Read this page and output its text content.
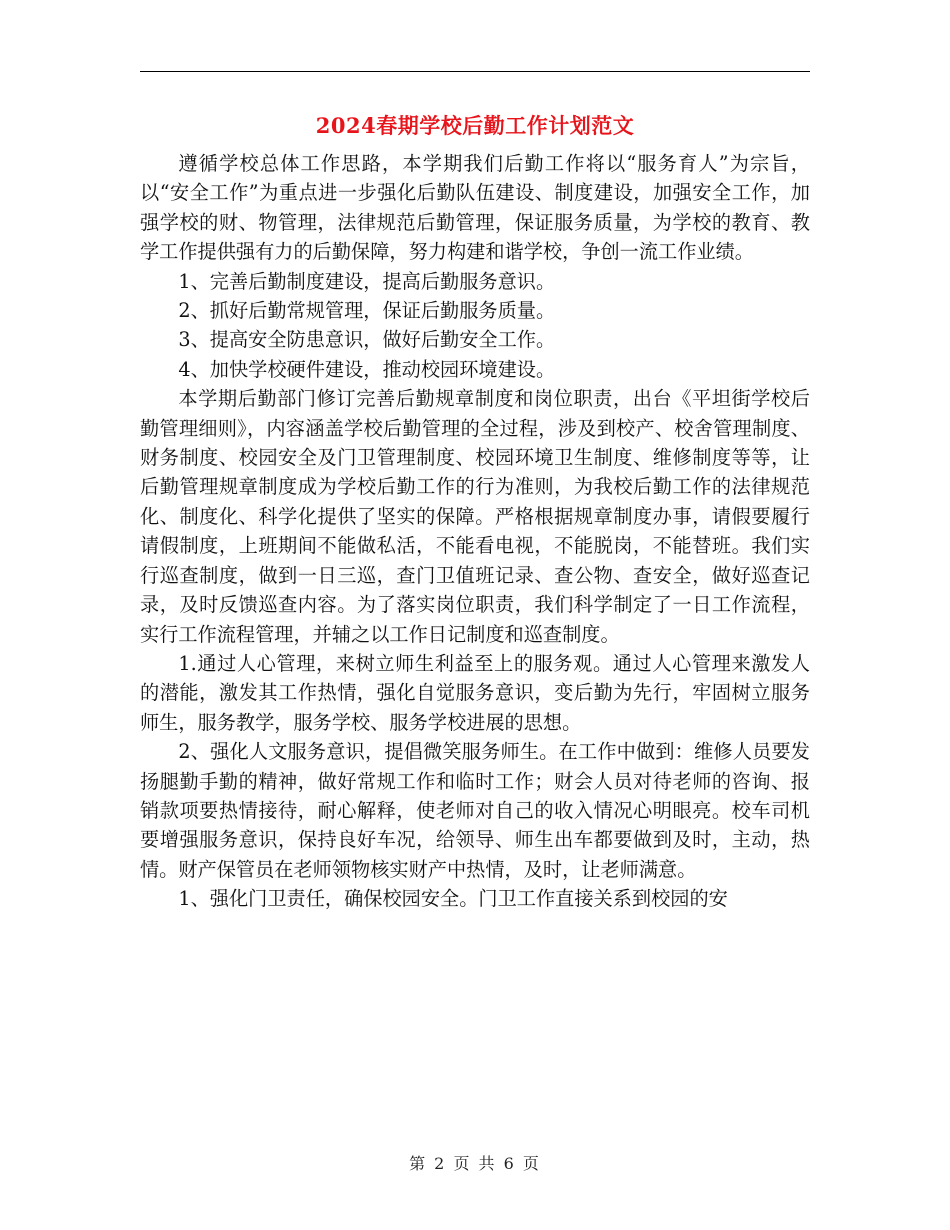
2024春期学校后勤工作计划范文

遵循学校总体工作思路，本学期我们后勤工作将以“服务育人”为宗旨，以“安全工作”为重点进一步强化后勤队伍建设、制度建设，加强安全工作，加强学校的财、物管理，法律规范后勤管理，保证服务质量，为学校的教育、教学工作提供强有力的后勤保障，努力构建和谐学校，争创一流工作业绩。

1、完善后勤制度建设，提高后勤服务意识。

2、抓好后勤常规管理，保证后勤服务质量。

3、提高安全防患意识，做好后勤安全工作。

4、加快学校硬件建设，推动校园环境建设。

本学期后勤部门修订完善后勤规章制度和岗位职责，出台《平坦街学校后勤管理细则》，内容涵盖学校后勤管理的全过程，涉及到校产、校舍管理制度、财务制度、校园安全及门卫管理制度、校园环境卫生制度、维修制度等等，让后勤管理规章制度成为学校后勤工作的行为准则，为我校后勤工作的法律规范化、制度化、科学化提供了坚实的保障。严格根据规章制度办事，请假要履行请假制度，上班期间不能做私活，不能看电视，不能脱岗，不能替班。我们实行巡查制度，做到一日三巡，查门卫值班记录、查公物、查安全，做好巡查记录，及时反馈巡查内容。为了落实岗位职责，我们科学制定了一日工作流程，实行工作流程管理，并辅之以工作日记制度和巡查制度。

1.通过人心管理，来树立师生利益至上的服务观。通过人心管理来激发人的潜能，激发其工作热情，强化自觉服务意识，变后勤为先行，牢固树立服务师生，服务教学，服务学校、服务学校进展的思想。

2、强化人文服务意识，提倡微笑服务师生。在工作中做到：维修人员要发扬腿勤手勤的精神，做好常规工作和临时工作；财会人员对待老师的咨询、报销款项要热情接待，耐心解释，使老师对自己的收入情况心明眼亮。校车司机要增强服务意识，保持良好车况，给领导、师生出车都要做到及时，主动，热情。财产保管员在老师领物核实财产中热情，及时，让老师满意。

1、强化门卫责任，确保校园安全。门卫工作直接关系到校园的安

第 2 页 共 6 页
